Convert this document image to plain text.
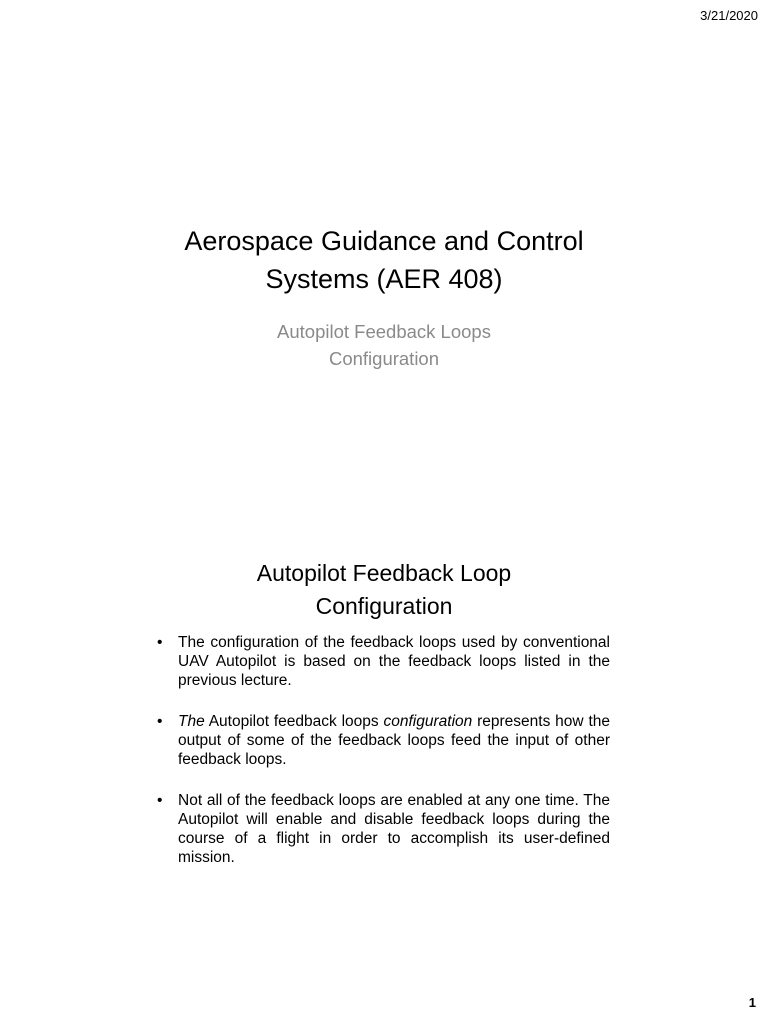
3/21/2020
Aerospace Guidance and Control
Systems (AER 408)
Autopilot Feedback Loops
Configuration
Autopilot Feedback Loop
Configuration
• The configuration of the feedback loops used by conventional UAV Autopilot is based on the feedback loops listed in the previous lecture.
• The Autopilot feedback loops configuration represents how the output of some of the feedback loops feed the input of other feedback loops.
• Not all of the feedback loops are enabled at any one time. The Autopilot will enable and disable feedback loops during the course of a flight in order to accomplish its user-defined mission.
1
